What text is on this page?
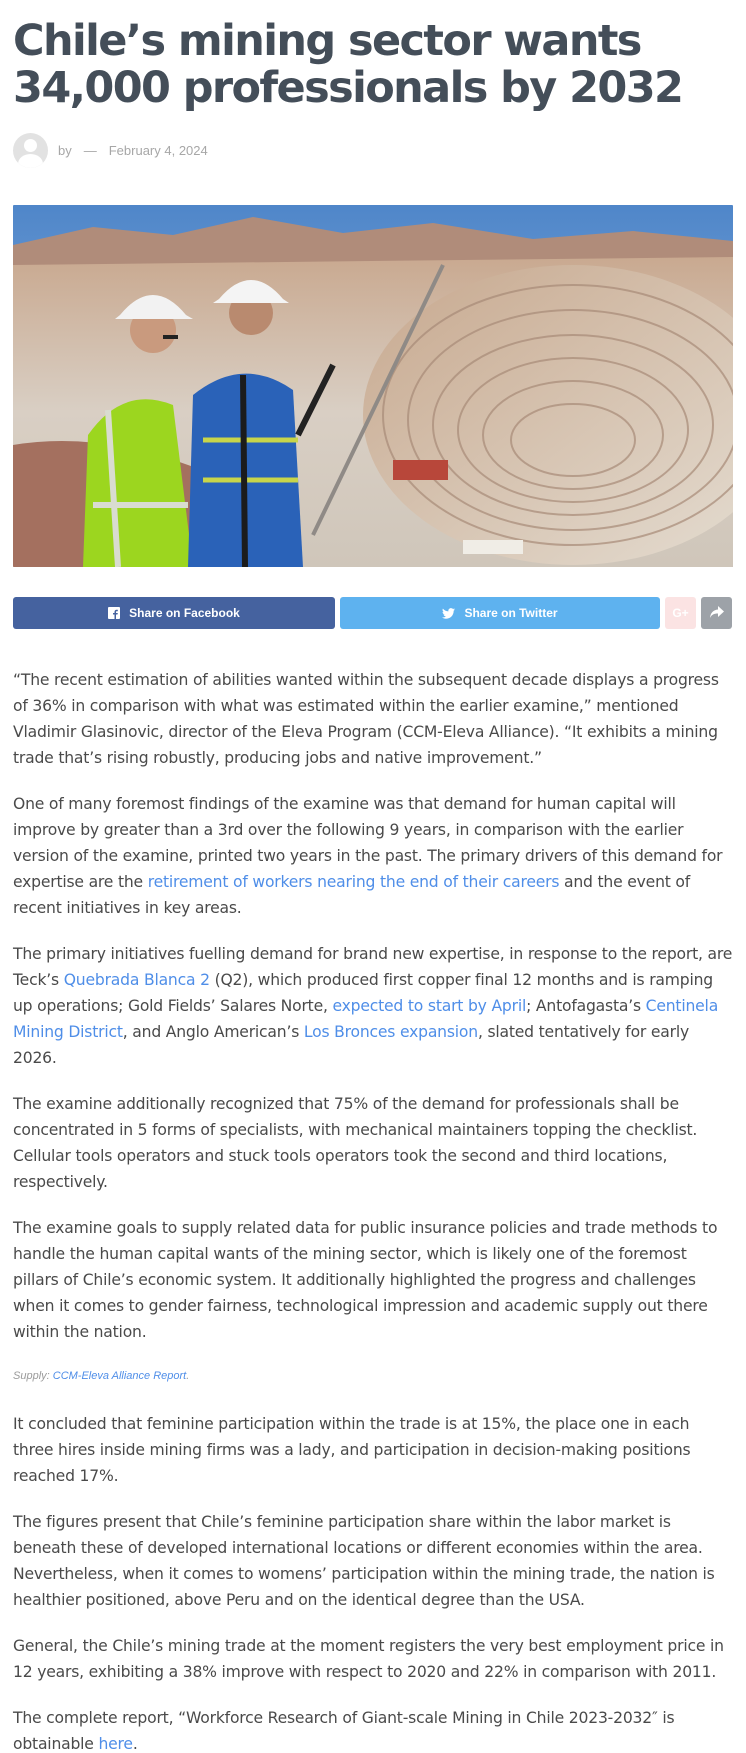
Chile’s mining sector wants 34,000 professionals by 2032
by — February 4, 2024
Share on Facebook	Share on Twitter	G+

“The recent estimation of abilities wanted within the subsequent decade displays a progress of 36% in comparison with what was estimated within the earlier examine,” mentioned Vladimir Glasinovic, director of the Eleva Program (CCM-Eleva Alliance). “It exhibits a mining trade that’s rising robustly, producing jobs and native improvement.”

One of many foremost findings of the examine was that demand for human capital will improve by greater than a 3rd over the following 9 years, in comparison with the earlier version of the examine, printed two years in the past. The primary drivers of this demand for expertise are the retirement of workers nearing the end of their careers and the event of recent initiatives in key areas.

The primary initiatives fuelling demand for brand new expertise, in response to the report, are Teck’s Quebrada Blanca 2 (Q2), which produced first copper final 12 months and is ramping up operations; Gold Fields’ Salares Norte, expected to start by April; Antofagasta’s Centinela Mining District, and Anglo American’s Los Bronces expansion, slated tentatively for early 2026.

The examine additionally recognized that 75% of the demand for professionals shall be concentrated in 5 forms of specialists, with mechanical maintainers topping the checklist. Cellular tools operators and stuck tools operators took the second and third locations, respectively.

The examine goals to supply related data for public insurance policies and trade methods to handle the human capital wants of the mining sector, which is likely one of the foremost pillars of Chile’s economic system. It additionally highlighted the progress and challenges when it comes to gender fairness, technological impression and academic supply out there within the nation.

Supply: CCM-Eleva Alliance Report.

It concluded that feminine participation within the trade is at 15%, the place one in each three hires inside mining firms was a lady, and participation in decision-making positions reached 17%.

The figures present that Chile’s feminine participation share within the labor market is beneath these of developed international locations or different economies within the area. Nevertheless, when it comes to womens’ participation within the mining trade, the nation is healthier positioned, above Peru and on the identical degree than the USA.

General, the Chile’s mining trade at the moment registers the very best employment price in 12 years, exhibiting a 38% improve with respect to 2020 and 22% in comparison with 2011.

The complete report, “Workforce Research of Giant-scale Mining in Chile 2023-2032″ is obtainable here.
